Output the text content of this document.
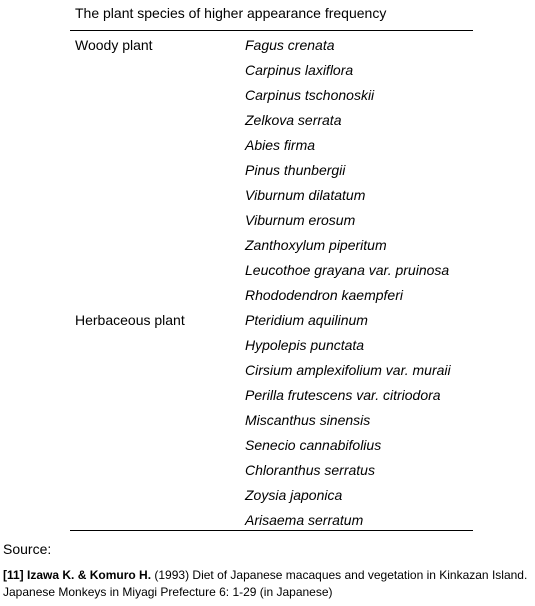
The plant species of higher appearance frequency
Woody plant	Fagus crenata
Carpinus laxiflora
Carpinus tschonoskii
Zelkova serrata
Abies firma
Pinus thunbergii
Viburnum dilatatum
Viburnum erosum
Zanthoxylum piperitum
Leucothoe grayana var. pruinosa
Rhododendron kaempferi
Herbaceous plant	Pteridium aquilinum
Hypolepis punctata
Cirsium amplexifolium var. muraii
Perilla frutescens var. citriodora
Miscanthus sinensis
Senecio cannabifolius
Chloranthus serratus
Zoysia japonica
Arisaema serratum
Source:
[11] Izawa K. & Komuro H. (1993) Diet of Japanese macaques and vegetation in Kinkazan Island. Japanese Monkeys in Miyagi Prefecture 6: 1-29 (in Japanese)
